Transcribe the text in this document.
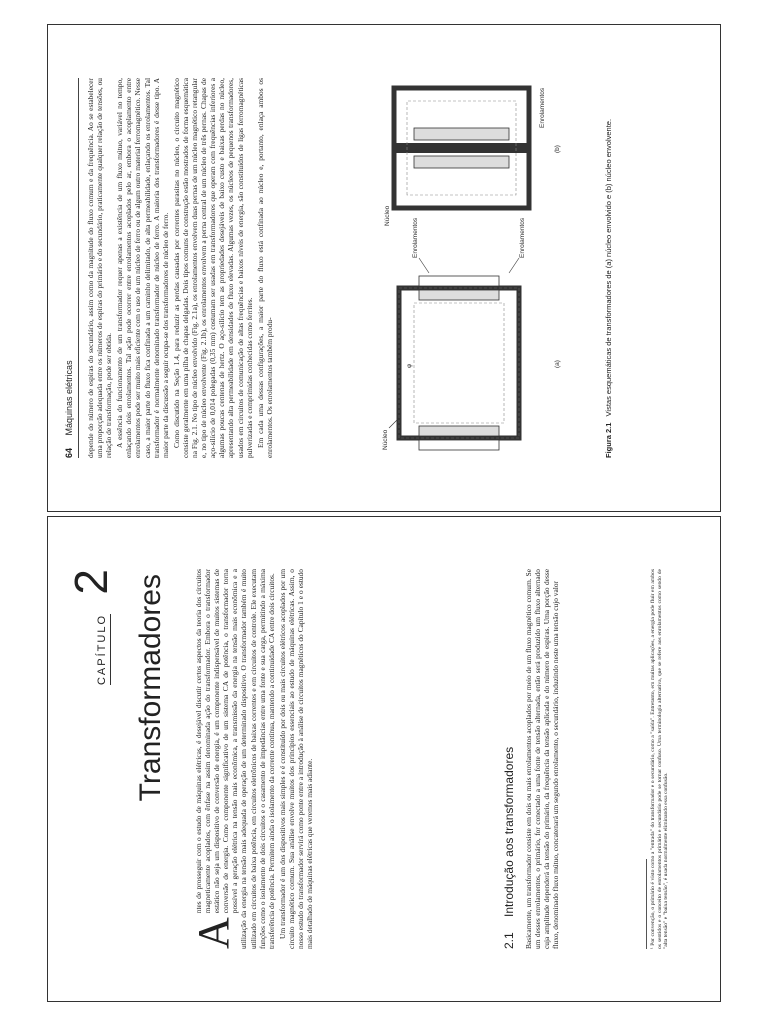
64 Máquinas elétricas depende do número de espiras do secundário, assim como da magnitude do fluxo comum e da frequência. Ao se estabelecer uma proporção adequada entre os números de espiras do primário e do secundário, praticamente qualquer relação de tensões, ou relação de transformação, pode ser obtida. A essência do funcionamento de um transformador requer apenas a existência de um fluxo mútuo, variável no tempo, enlaçando dois enrolamentos. Tal ação pode ocorrer entre enrolamentos acoplados pelo ar, embora o acoplamento entre enrolamentos pode ser muito mais eficiente com o uso de um núcleo de ferro ou de algum outro material ferromagnético. Nesse caso, a maior parte do fluxo fica confinada a um caminho delimitado, de alta permeabilidade, enlaçando os enrolamentos. Tal transformador é normalmente denominado transformador de núcleo de ferro. A maioria dos transformadores é desse tipo. A maior parte da discussão a seguir ocupa-se dos transformadores de núcleo de ferro. Como discutido na Seção 1.4, para reduzir as perdas causadas por correntes parasitas no núcleo, o circuito magnético consiste geralmente em uma pilha de chapas delgadas. Dois tipos comuns de construção estão mostrados de forma esquemática na Fig. 2.1. No tipo de núcleo envolvido (Fig. 2.1a), os enrolamentos envolvem duas pernas de um núcleo magnético retangular e, no tipo de núcleo envolvente (Fig. 2.1b), os enrolamentos envolvem a perna central de um núcleo de três pernas. Chapas de aço-silício de 0,014 polegadas (0,35 mm) costumam ser usadas em transformadores que operam com frequências inferiores a algumas poucas centenas de hertz. O aço-silício tem as propriedades desejáveis de baixo custo e baixas perdas no núcleo, apresentando alta permeabilidade em densidades de fluxo elevadas. Algumas vezes, os núcleos de pequenos transformadores, usados em circuitos de comunicação de altas frequências e baixos níveis de energia, são constituídos de ligas ferromagnéticas pulverizadas e comprimidas conhecidas como ferrites. Em cada uma dessas configurações, a maior parte do fluxo está confinada ao núcleo e, portanto, enlaça ambos os enrolamentos. Os enrolamentos também produ-	Núcleo
φ
Enrolamentos	Enrolamentos
(a)
Núcleo
Enrolamentos
a	(b)
Figura 2.1 Vistas esquemáticas de transformadores de (a) núcleo envolvido e (b) núcleo envolvente.
2
CAPÍTULO Transformadores

A
ntes de prosseguir com o estudo de máquinas elétricas, é desejável discutir certos aspectos da teoria dos circuitos magneticamente acoplados, com ênfase na assim denominada ação do transformador. Embora o transformador estático não seja um dispositivo de conversão de energia, é um componente indispensável de muitos sistemas de conversão de energia. Como componente significativo de um sistema CA de potência, o transformador torna possível a geração elétrica na tensão mais econômica, a transmissão da energia na tensão mais econômica e a utilização da energia na tensão mais adequada de operação de um determinado dispositivo. O transformador também é muito utilizado em circuitos de baixa potência, em circuitos eletrônicos de baixas correntes e em circuitos de controle. Ele executam funções como o isolamento de dois circuitos e o casamento de impedâncias entre uma fonte e sua carga, permitindo a máxima transferência de potência. Permitem ainda o isolamento da corrente contínua, mantendo a continuidade CA entre dois circuitos. Um transformador é um dos dispositivos mais simples e é constituído por dois ou mais circuitos elétricos acoplados por um circuito magnético comum. Sua análise envolve muitos dos princípios essenciais ao estudo de máquinas elétricas. Assim, o nosso estudo do transformador servirá como ponte entre a introdução à análise de circuitos magnéticos do Capítulo 1 e o estudo mais detalhado de máquinas elétricas que veremos mais adiante.	2.1 Introdução aos transformadores Basicamente, um transformador consiste em dois ou mais enrolamentos acoplados por meio de um fluxo magnético comum. Se um desses enrolamentos, o primário, for conectado a uma fonte de tensão alternada, então será produzido um fluxo alternado cuja amplitude dependerá da tensão do primário, da frequência da tensão aplicada e do número de espiras. Uma porção desse fluxo, denominado fluxo mútuo, concatenará um segundo enrolamento, o secundário, induzindo neste uma tensão cujo valor	¹ Por convenção, o primário é visto como a "entrada" do transformador e o secundário, como a "saída". Entretanto, em muitas aplicações, a energia pode fluir em ambos os sentidos e o conceito de enrolamentos primário e secundário pode se tornar confuso. Uma terminologia alternativa, que se refere aos enrolamentos como sendo de "alta tensão" e "baixa tensão", é usada normalmente eliminando essa confusão.
